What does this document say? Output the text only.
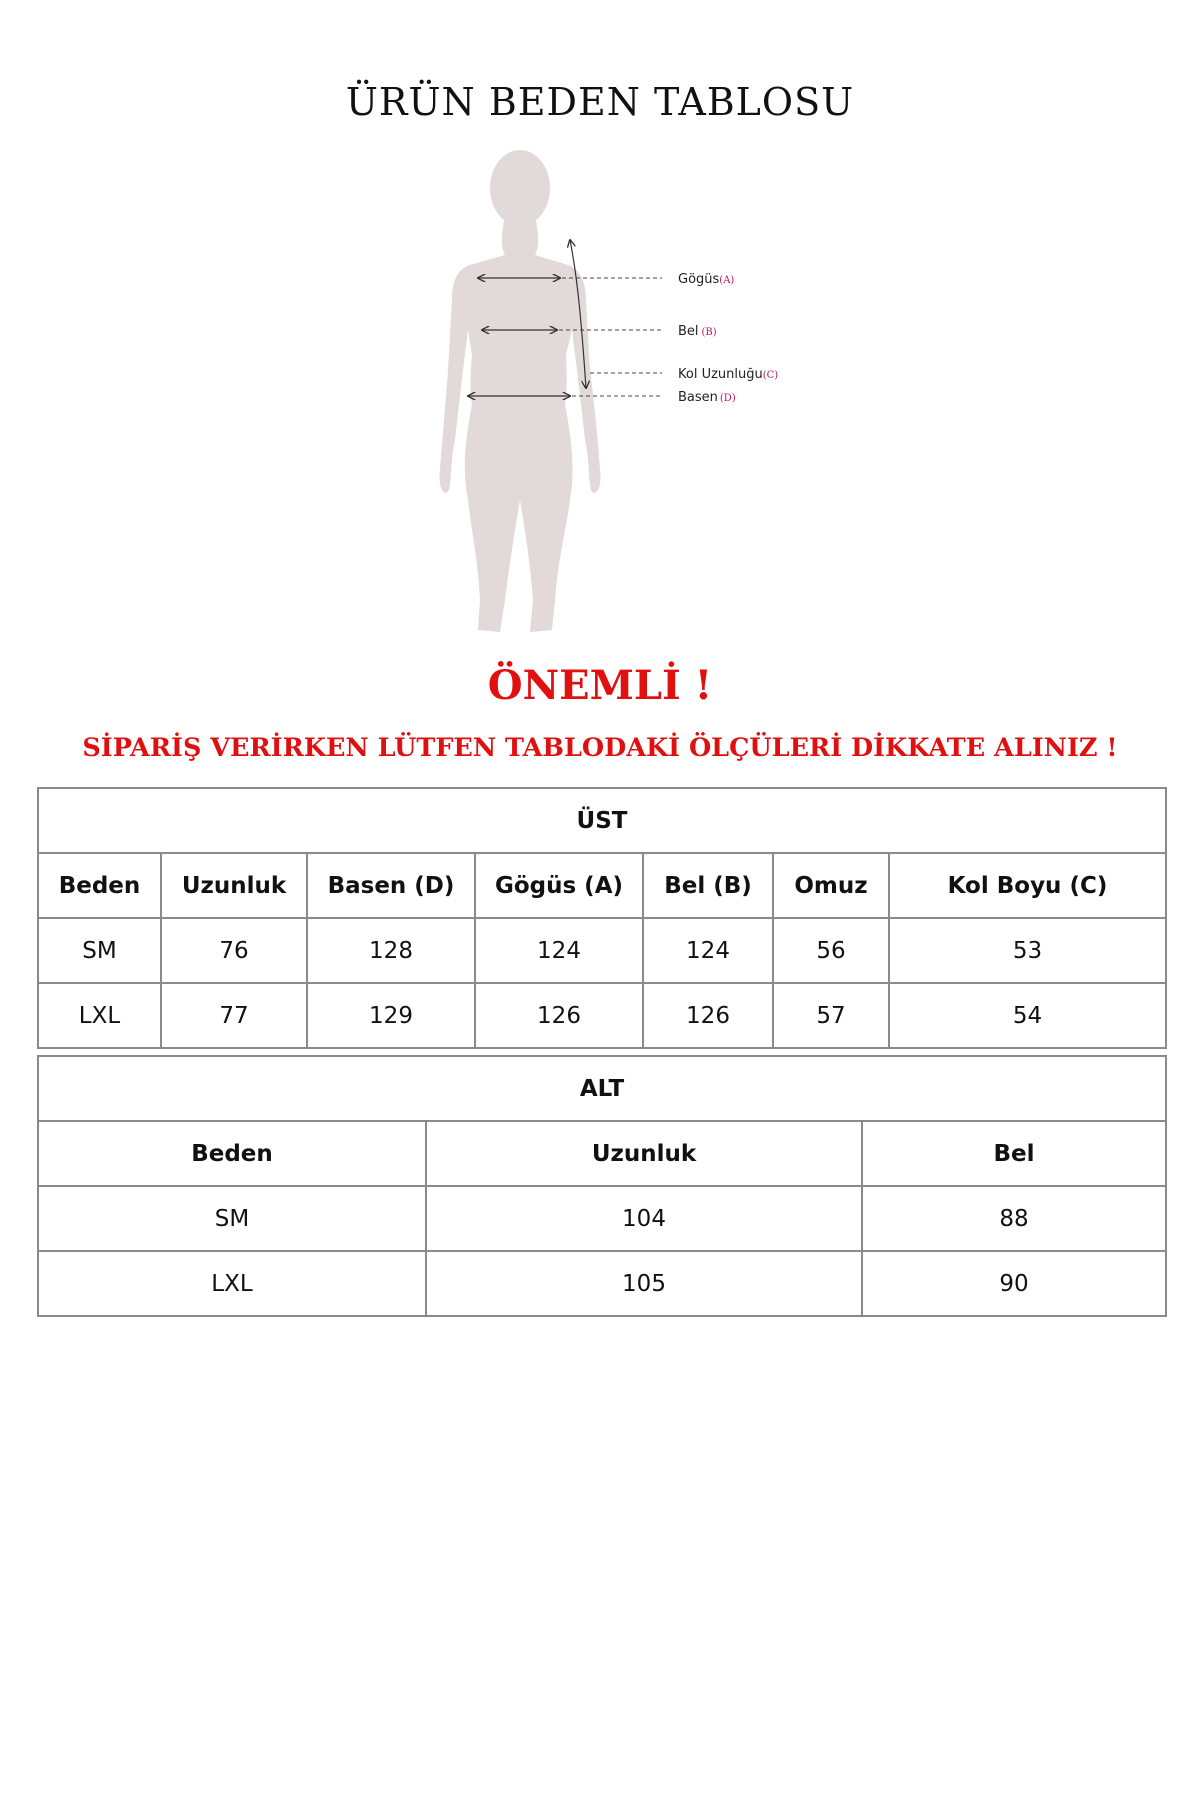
ÜRÜN BEDEN TABLOSU
Gögüs(A)
Bel (B)
Kol Uzunluğu(C)
Basen (D)
ÖNEMLİ !
SİPARİŞ VERİRKEN LÜTFEN TABLODAKİ ÖLÇÜLERİ DİKKATE ALINIZ !
ÜST						
Beden	Uzunluk	Basen (D)	Gögüs (A)	Bel (B)	Omuz	Kol Boyu (C)
SM	76	128	124	124	56	53
LXL	77	129	126	126	57	54
ALT		
Beden	Uzunluk	Bel
SM	104	88
LXL	105	90
